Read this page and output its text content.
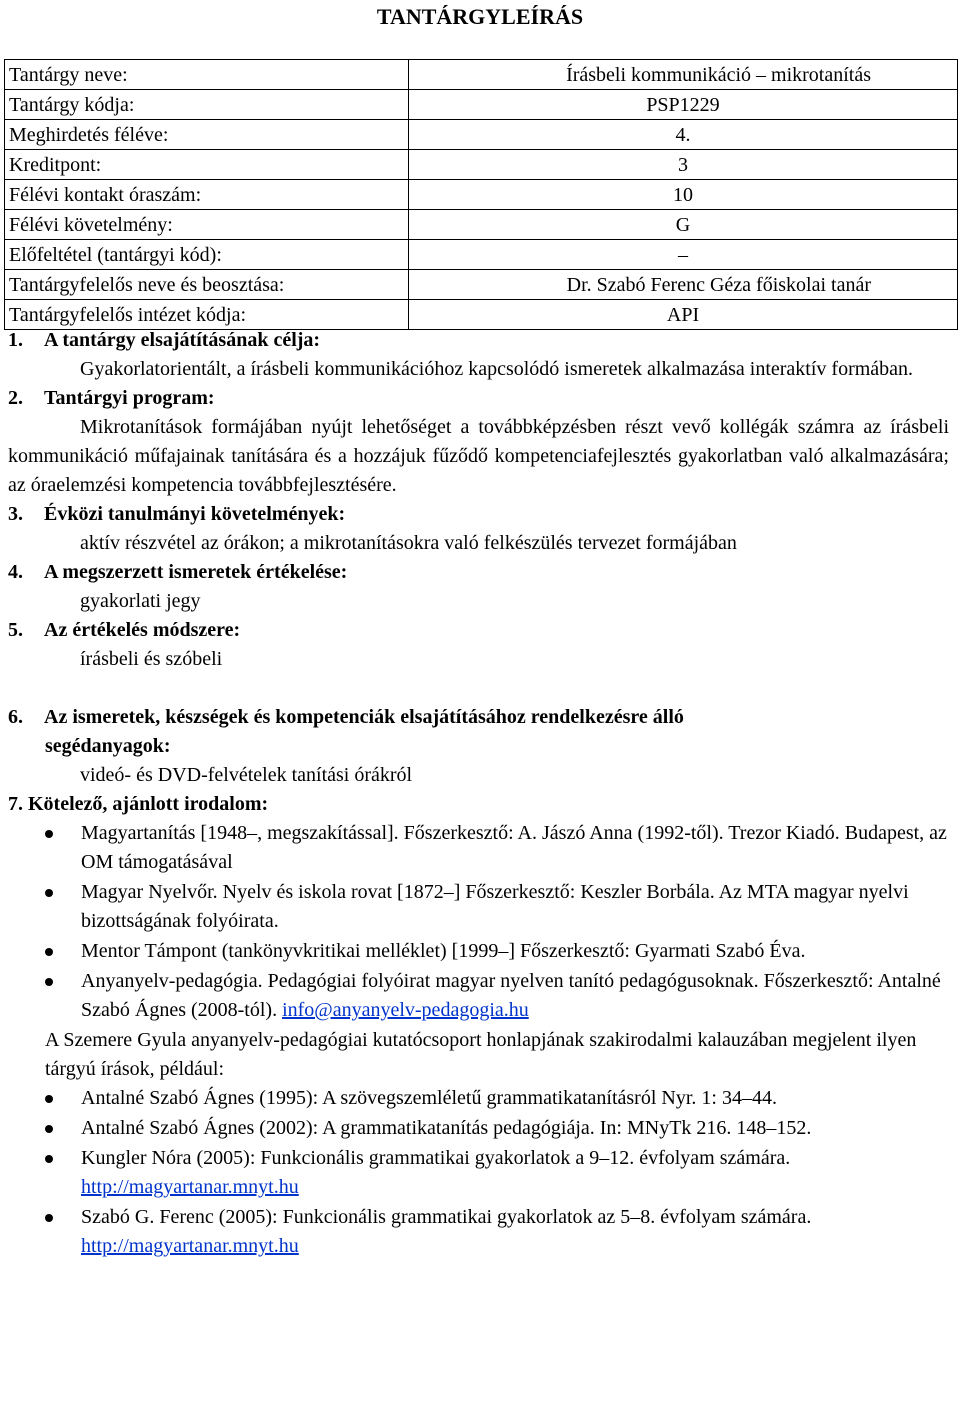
TANTÁRGYLEÍRÁS
Tantárgy neve:	Írásbeli kommunikáció – mikrotanítás
Tantárgy kódja:	PSP1229
Meghirdetés féléve:	4.
Kreditpont:	3
Félévi kontakt óraszám:	10
Félévi követelmény:	G
Előfeltétel (tantárgyi kód):	–
Tantárgyfelelős neve és beosztása:	Dr. Szabó Ferenc Géza főiskolai tanár
Tantárgyfelelős intézet kódja:	API

1. A tantárgy elsajátításának célja:

Gyakorlatorientált, a írásbeli kommunikációhoz kapcsolódó ismeretek alkalmazása interaktív formában.

2. Tantárgyi program:

Mikrotanítások formájában nyújt lehetőséget a továbbképzésben részt vevő kollégák számra az írásbeli kommunikáció műfajainak tanítására és a hozzájuk fűződő kompetenciafejlesztés gyakorlatban való alkalmazására; az óraelemzési kompetencia továbbfejlesztésére.

3. Évközi tanulmányi követelmények:

aktív részvétel az órákon; a mikrotanításokra való felkészülés tervezet formájában

4. A megszerzett ismeretek értékelése:

gyakorlati jegy

5. Az értékelés módszere:

írásbeli és szóbeli

6. Az ismeretek, készségek és kompetenciák elsajátításához rendelkezésre álló

segédanyagok:

videó- és DVD-felvételek tanítási órákról

7. Kötelező, ajánlott irodalom:

Magyartanítás [1948–, megszakítással]. Főszerkesztő: A. Jászó Anna (1992-től). Trezor Kiadó. Budapest, az OM támogatásával
Magyar Nyelvőr. Nyelv és iskola rovat [1872–] Főszerkesztő: Keszler Borbála. Az MTA magyar nyelvi bizottságának folyóirata.
Mentor Támpont (tankönyvkritikai melléklet) [1999–] Főszerkesztő: Gyarmati Szabó Éva.
Anyanyelv-pedagógia. Pedagógiai folyóirat magyar nyelven tanító pedagógusoknak. Főszerkesztő: Antalné Szabó Ágnes (2008-tól). info@anyanyelv-pedagogia.hu

A Szemere Gyula anyanyelv-pedagógiai kutatócsoport honlapjának szakirodalmi kalauzában megjelent ilyen tárgyú írások, például:

Antalné Szabó Ágnes (1995): A szövegszemléletű grammatikatanításról Nyr. 1: 34–44.
Antalné Szabó Ágnes (2002): A grammatikatanítás pedagógiája. In: MNyTk 216. 148–152.
Kungler Nóra (2005): Funkcionális grammatikai gyakorlatok a 9–12. évfolyam számára. http://magyartanar.mnyt.hu
Szabó G. Ferenc (2005): Funkcionális grammatikai gyakorlatok az 5–8. évfolyam számára. http://magyartanar.mnyt.hu
